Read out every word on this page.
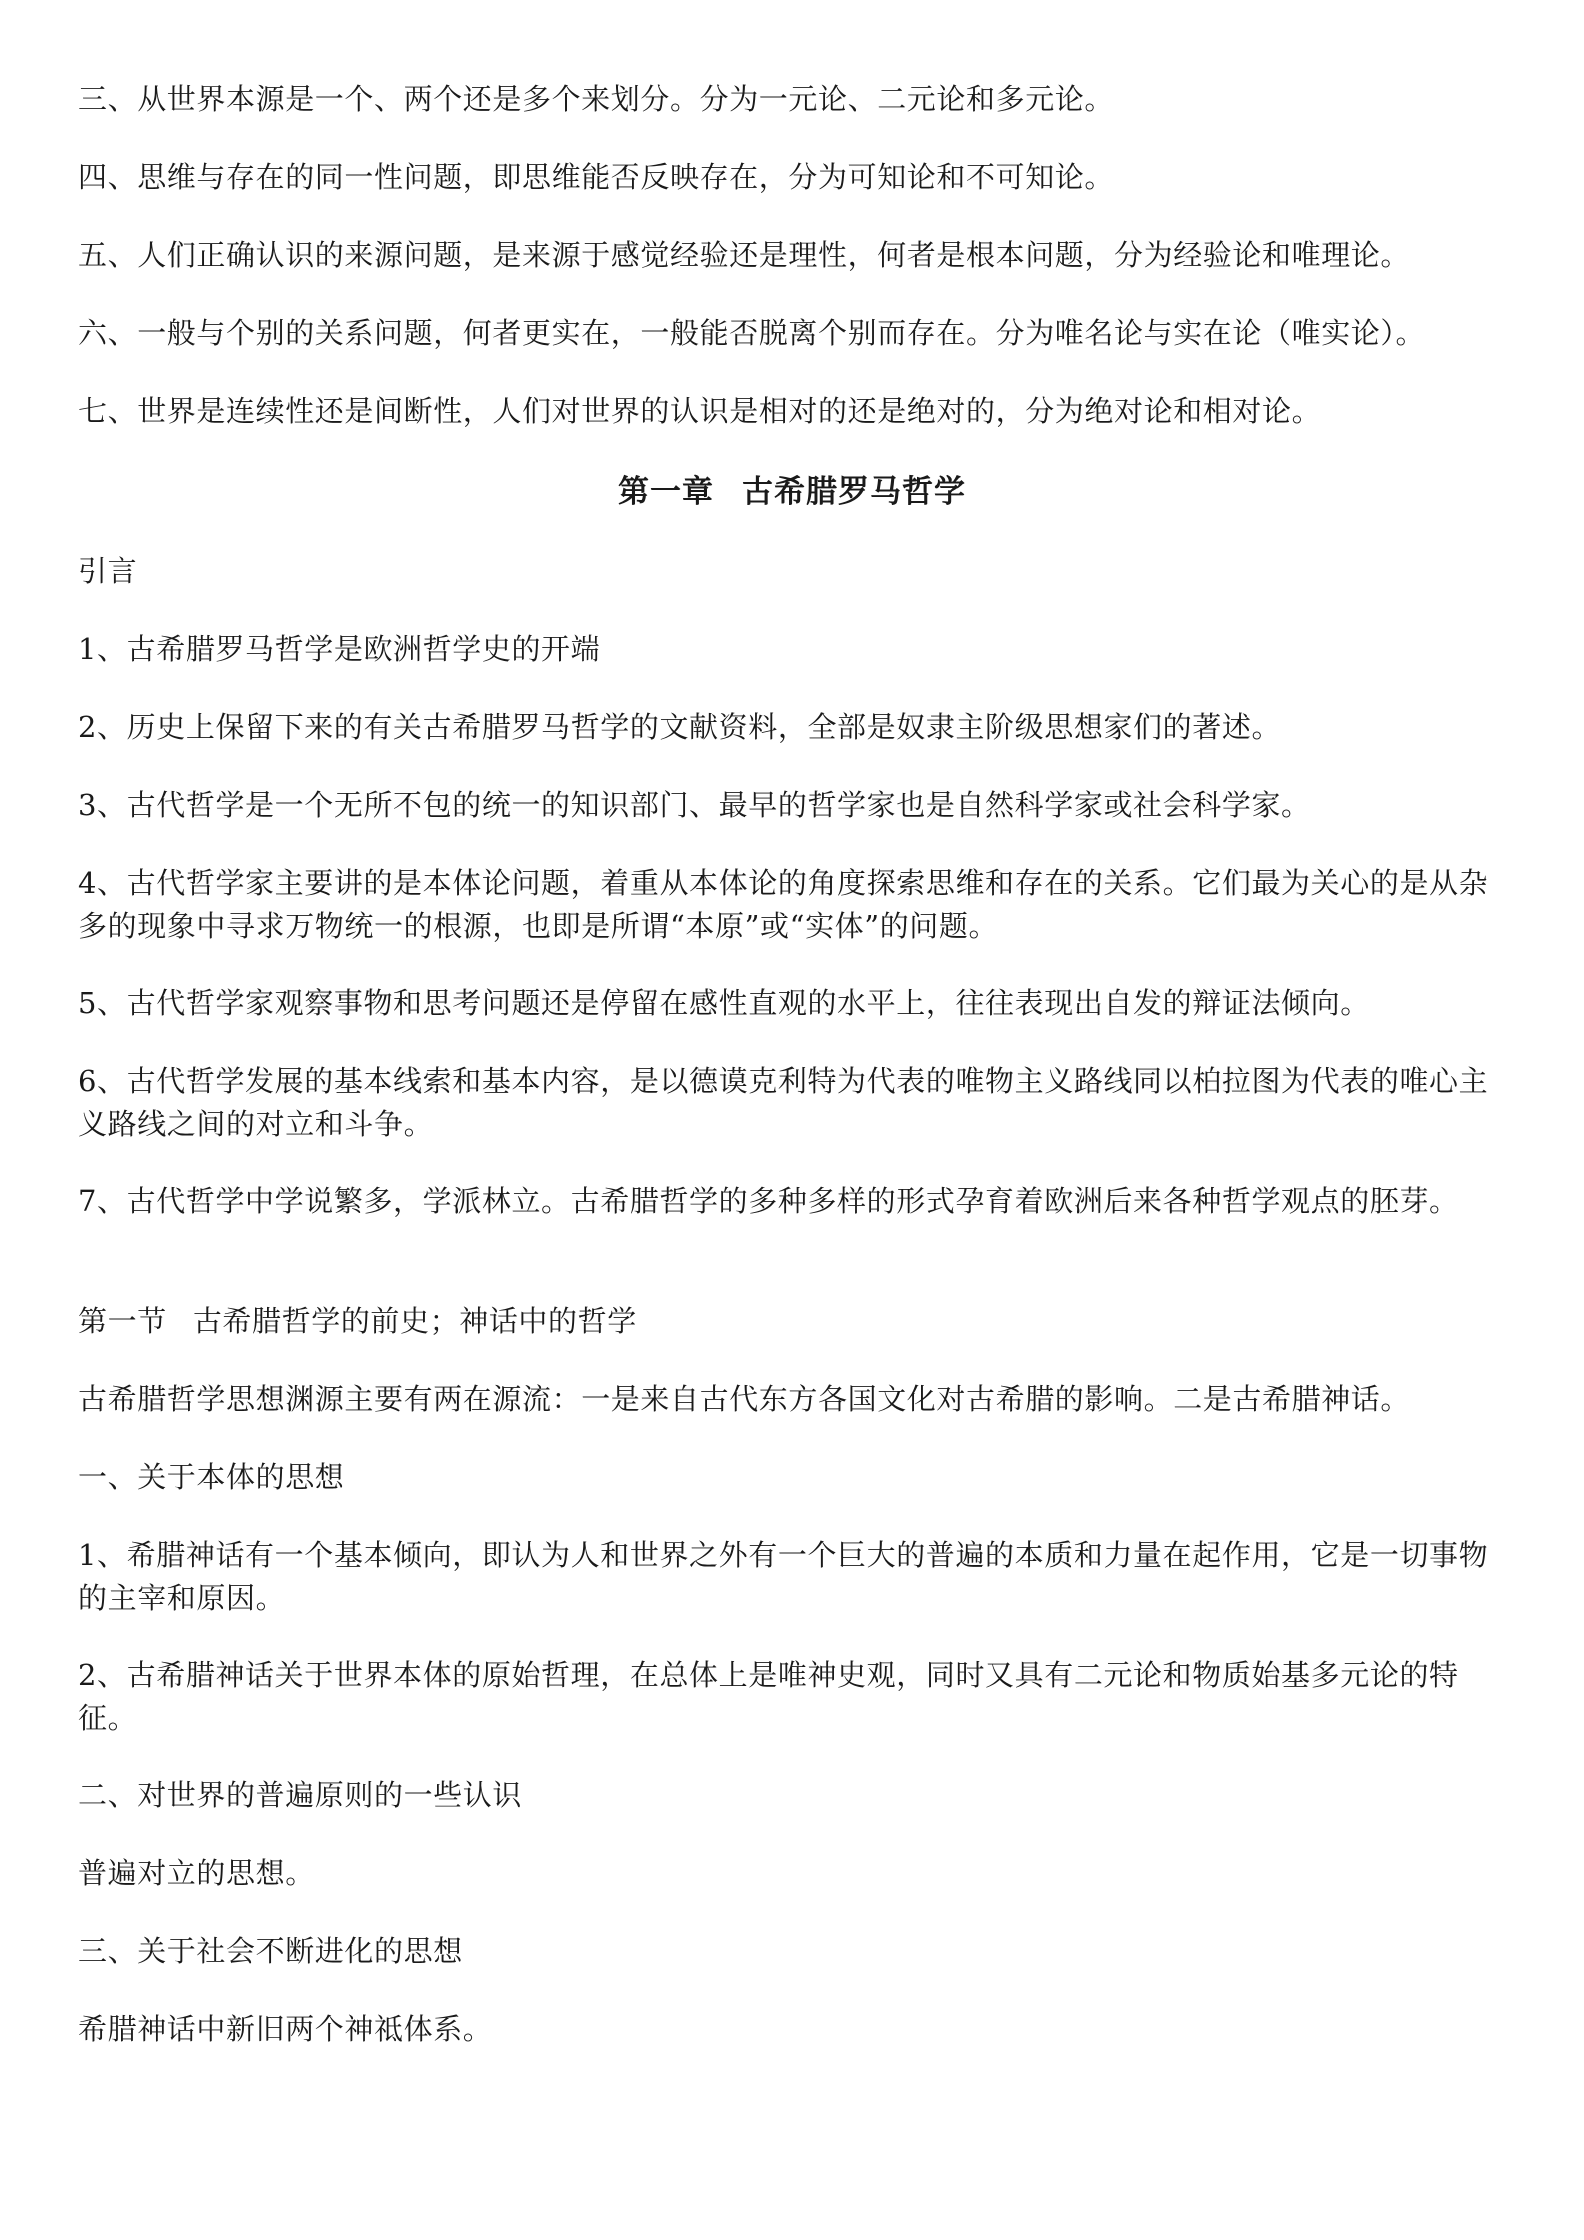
三、从世界本源是一个、两个还是多个来划分。分为一元论、二元论和多元论。

四、思维与存在的同一性问题，即思维能否反映存在，分为可知论和不可知论。

五、人们正确认识的来源问题，是来源于感觉经验还是理性，何者是根本问题，分为经验论和唯理论。

六、一般与个别的关系问题，何者更实在，一般能否脱离个别而存在。分为唯名论与实在论（唯实论）。

七、世界是连续性还是间断性，人们对世界的认识是相对的还是绝对的，分为绝对论和相对论。

第一章 古希腊罗马哲学

引言

1、古希腊罗马哲学是欧洲哲学史的开端

2、历史上保留下来的有关古希腊罗马哲学的文献资料，全部是奴隶主阶级思想家们的著述。

3、古代哲学是一个无所不包的统一的知识部门、最早的哲学家也是自然科学家或社会科学家。

4、古代哲学家主要讲的是本体论问题，着重从本体论的角度探索思维和存在的关系。它们最为关心的是从杂多的现象中寻求万物统一的根源，也即是所谓“本原”或“实体”的问题。

5、古代哲学家观察事物和思考问题还是停留在感性直观的水平上，往往表现出自发的辩证法倾向。

6、古代哲学发展的基本线索和基本内容，是以德谟克利特为代表的唯物主义路线同以柏拉图为代表的唯心主义路线之间的对立和斗争。

7、古代哲学中学说繁多，学派林立。古希腊哲学的多种多样的形式孕育着欧洲后来各种哲学观点的胚芽。

第一节 古希腊哲学的前史；神话中的哲学

古希腊哲学思想渊源主要有两在源流：一是来自古代东方各国文化对古希腊的影响。二是古希腊神话。

一、关于本体的思想

1、希腊神话有一个基本倾向，即认为人和世界之外有一个巨大的普遍的本质和力量在起作用，它是一切事物的主宰和原因。

2、古希腊神话关于世界本体的原始哲理，在总体上是唯神史观，同时又具有二元论和物质始基多元论的特征。

二、对世界的普遍原则的一些认识

普遍对立的思想。

三、关于社会不断进化的思想

希腊神话中新旧两个神祗体系。
